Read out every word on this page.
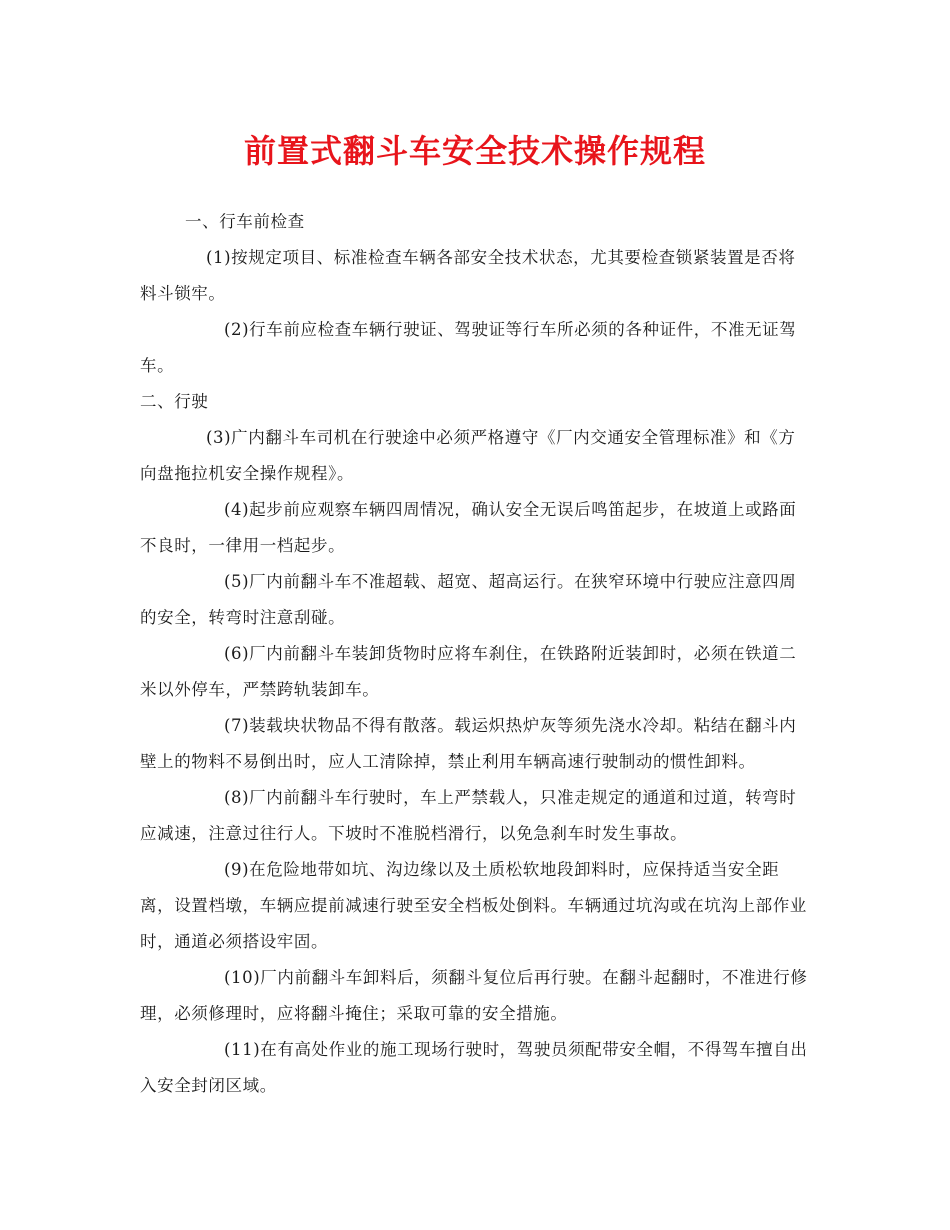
前置式翻斗车安全技术操作规程

一、行车前检查

(1)按规定项目、标准检查车辆各部安全技术状态，尤其要检查锁紧装置是否将料斗锁牢。

(2)行车前应检查车辆行驶证、驾驶证等行车所必须的各种证件，不准无证驾车。

二、行驶

(3)广内翻斗车司机在行驶途中必须严格遵守《厂内交通安全管理标准》和《方向盘拖拉机安全操作规程》。

(4)起步前应观察车辆四周情况，确认安全无误后鸣笛起步，在坡道上或路面不良时，一律用一档起步。

(5)厂内前翻斗车不准超载、超宽、超高运行。在狭窄环境中行驶应注意四周的安全，转弯时注意刮碰。

(6)厂内前翻斗车装卸货物时应将车刹住，在铁路附近装卸时，必须在铁道二米以外停车，严禁跨轨装卸车。

(7)装载块状物品不得有散落。载运炽热炉灰等须先浇水冷却。粘结在翻斗内壁上的物料不易倒出时，应人工清除掉，禁止利用车辆高速行驶制动的惯性卸料。

(8)厂内前翻斗车行驶时，车上严禁载人，只准走规定的通道和过道，转弯时应减速，注意过往行人。下坡时不准脱档滑行，以免急刹车时发生事故。

(9)在危险地带如坑、沟边缘以及土质松软地段卸料时，应保持适当安全距离，设置档墩，车辆应提前减速行驶至安全档板处倒料。车辆通过坑沟或在坑沟上部作业时，通道必须搭设牢固。

(10)厂内前翻斗车卸料后，须翻斗复位后再行驶。在翻斗起翻时，不准进行修理，必须修理时，应将翻斗掩住；采取可靠的安全措施。

(11)在有高处作业的施工现场行驶时，驾驶员须配带安全帽，不得驾车擅自出入安全封闭区域。
